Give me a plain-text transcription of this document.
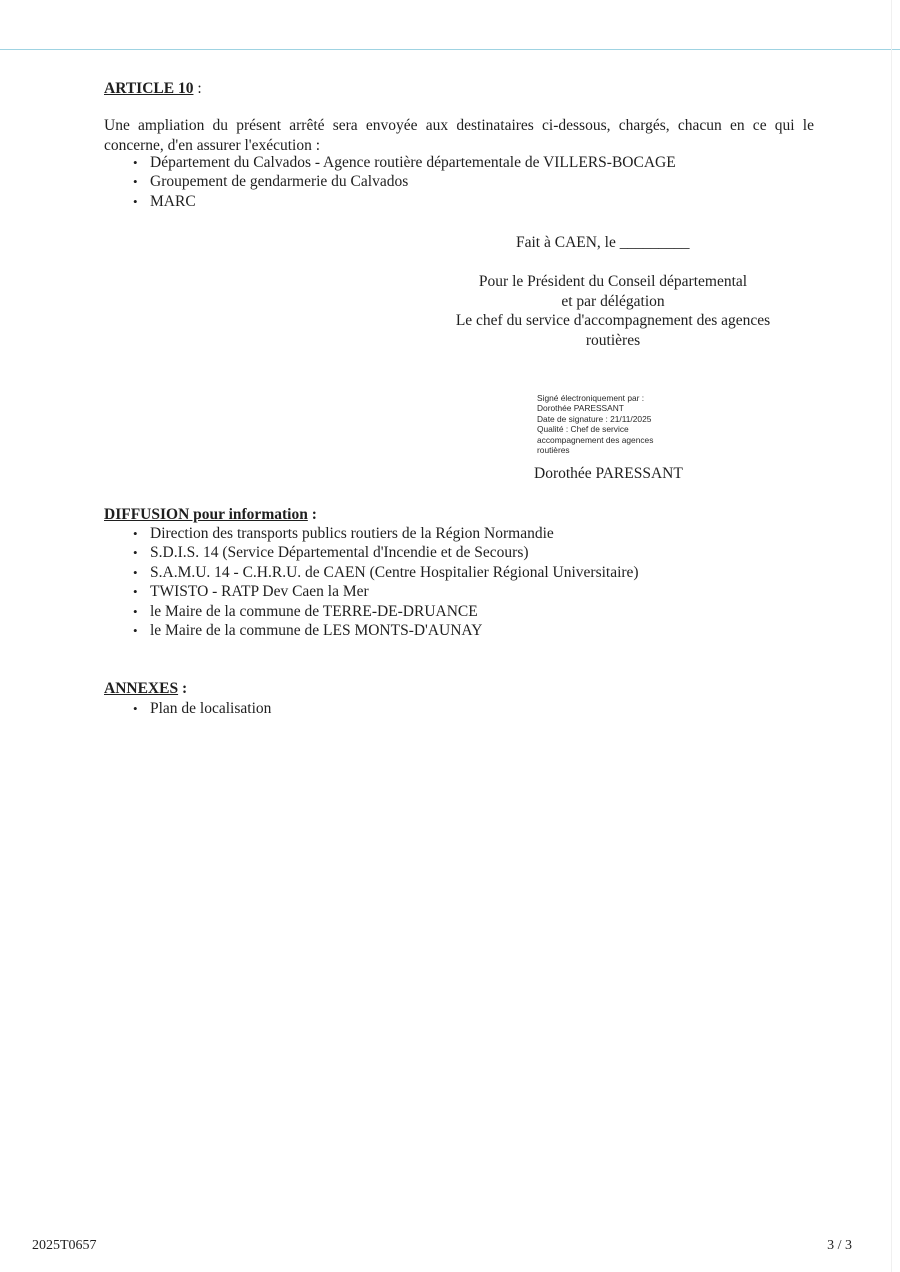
ARTICLE 10 :
Une ampliation du présent arrêté sera envoyée aux destinataires ci-dessous, chargés, chacun en ce qui le
concerne, d'en assurer l'exécution :
• Département du Calvados - Agence routière départementale de VILLERS-BOCAGE
• Groupement de gendarmerie du Calvados
• MARC
Fait à CAEN, le _________
Pour le Président du Conseil départemental
et par délégation
Le chef du service d'accompagnement des agences
routières
Signé électroniquement par :
Dorothée PARESSANT
Date de signature : 21/11/2025
Qualité : Chef de service
accompagnement des agences
routières
Dorothée PARESSANT
DIFFUSION pour information :
• Direction des transports publics routiers de la Région Normandie
• S.D.I.S. 14 (Service Départemental d'Incendie et de Secours)
• S.A.M.U. 14 - C.H.R.U. de CAEN (Centre Hospitalier Régional Universitaire)
• TWISTO - RATP Dev Caen la Mer
• le Maire de la commune de TERRE-DE-DRUANCE
• le Maire de la commune de LES MONTS-D'AUNAY
ANNEXES :
• Plan de localisation
2025T0657	3 / 3
